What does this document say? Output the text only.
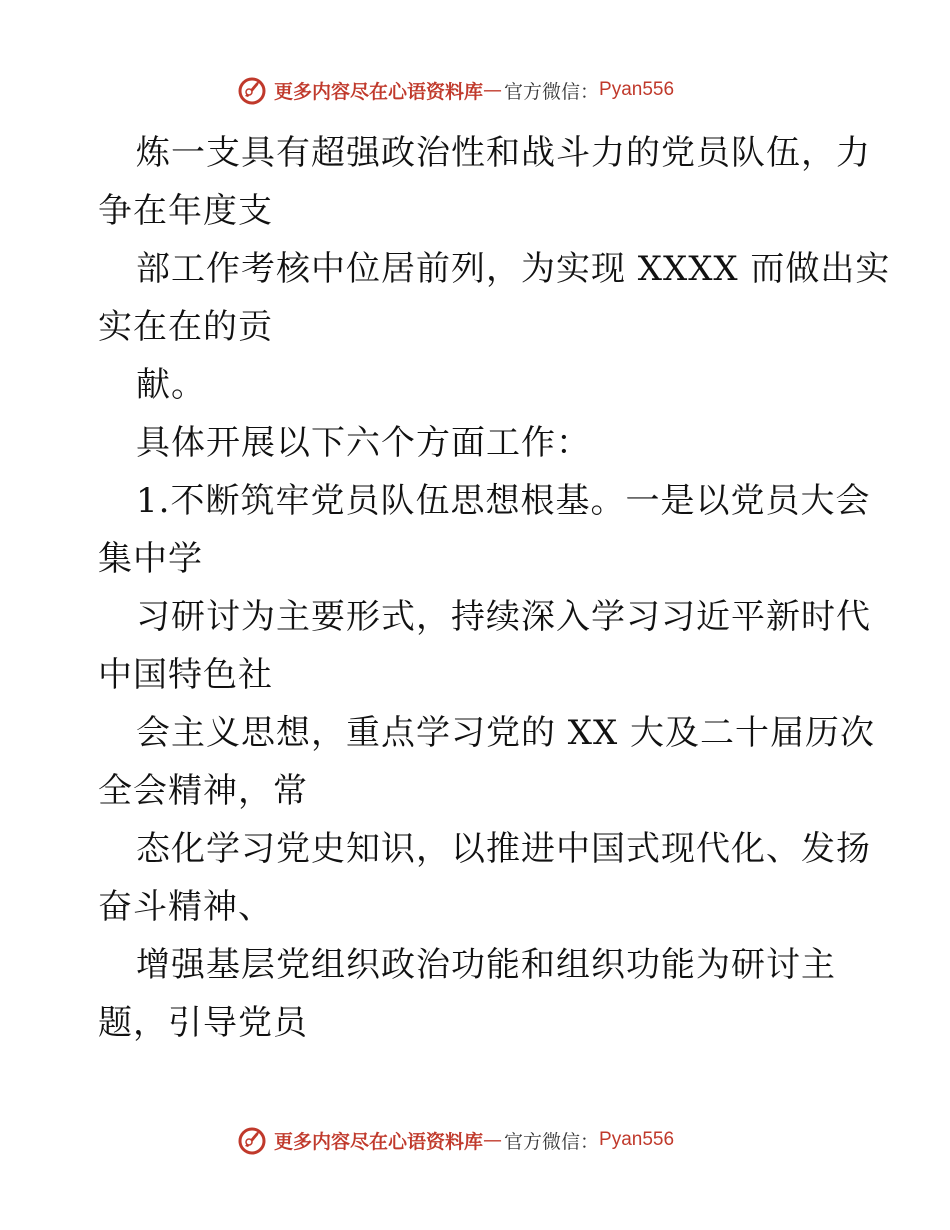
更多内容尽在心语资料库 — 官方微信： Pyan556
炼一支具有超强政治性和战斗力的党员队伍，力
争在年度支
部工作考核中位居前列，为实现 XXXX 而做出实
实在在的贡
献。
具体开展以下六个方面工作：
1.不断筑牢党员队伍思想根基。一是以党员大会
集中学
习研讨为主要形式，持续深入学习习近平新时代
中国特色社
会主义思想，重点学习党的 XX 大及二十届历次
全会精神，常
态化学习党史知识，以推进中国式现代化、发扬
奋斗精神、
增强基层党组织政治功能和组织功能为研讨主
题，引导党员
更多内容尽在心语资料库 — 官方微信： Pyan556
